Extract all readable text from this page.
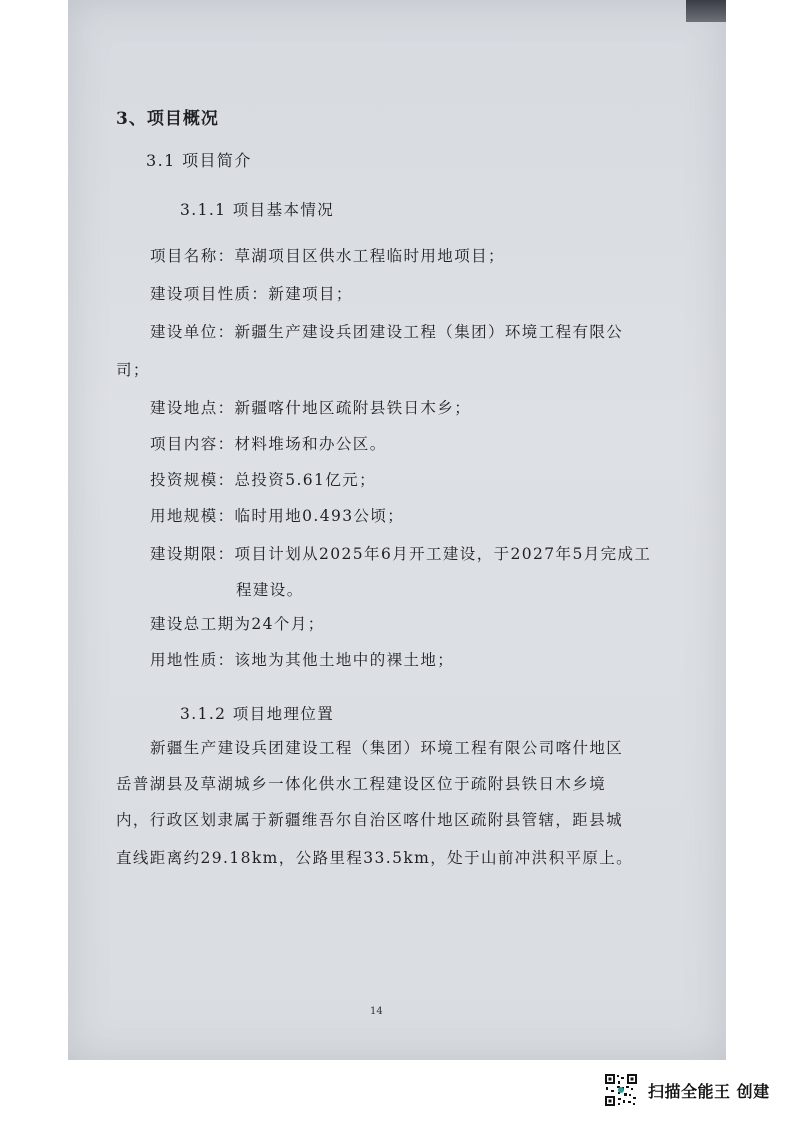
3、项目概况
3.1 项目简介
3.1.1 项目基本情况
项目名称：草湖项目区供水工程临时用地项目；
建设项目性质：新建项目；
建设单位：新疆生产建设兵团建设工程（集团）环境工程有限公
司；
建设地点：新疆喀什地区疏附县铁日木乡；
项目内容：材料堆场和办公区。
投资规模：总投资5.61亿元；
用地规模：临时用地0.493公顷；
建设期限：项目计划从2025年6月开工建设，于2027年5月完成工
程建设。
建设总工期为24个月；
用地性质：该地为其他土地中的裸土地；
3.1.2 项目地理位置
新疆生产建设兵团建设工程（集团）环境工程有限公司喀什地区
岳普湖县及草湖城乡一体化供水工程建设区位于疏附县铁日木乡境
内，行政区划隶属于新疆维吾尔自治区喀什地区疏附县管辖，距县城
直线距离约29.18km，公路里程33.5km，处于山前冲洪积平原上。
14
扫描全能王 创建
